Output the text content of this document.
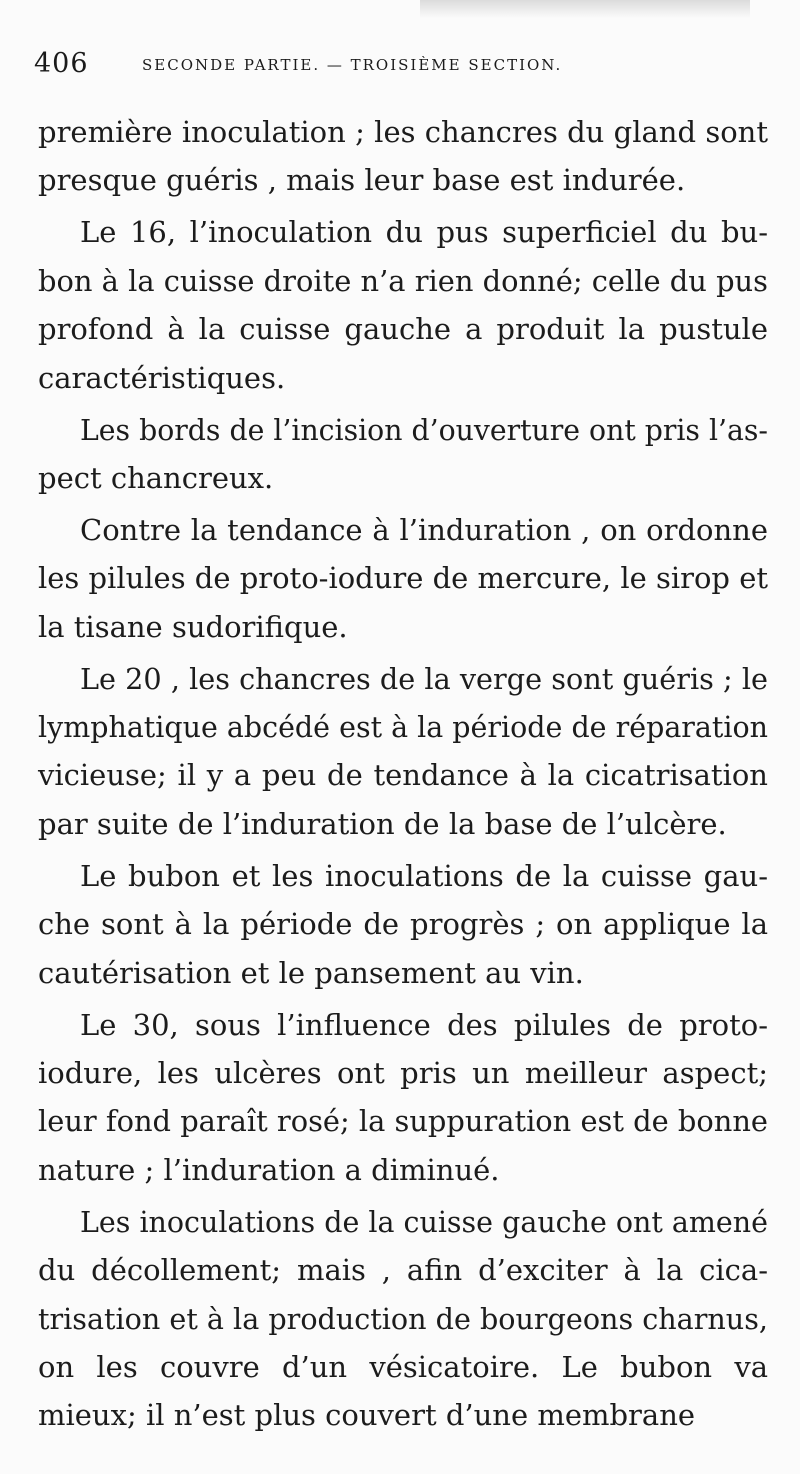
406	SECONDE PARTIE. — TROISIÈME SECTION.
première inoculation ; les chancres du gland sont
presque guéris , mais leur base est indurée.
Le 16, l’inoculation du pus superficiel du bu-
bon à la cuisse droite n’a rien donné; celle du pus
profond à la cuisse gauche a produit la pustule
caractéristiques.
Les bords de l’incision d’ouverture ont pris l’as-
pect chancreux.
Contre la tendance à l’induration , on ordonne
les pilules de proto-iodure de mercure, le sirop et
la tisane sudorifique.
Le 20 , les chancres de la verge sont guéris ; le
lymphatique abcédé est à la période de réparation
vicieuse; il y a peu de tendance à la cicatrisation
par suite de l’induration de la base de l’ulcère.
Le bubon et les inoculations de la cuisse gau-
che sont à la période de progrès ; on applique la
cautérisation et le pansement au vin.
Le 30, sous l’influence des pilules de proto-
iodure, les ulcères ont pris un meilleur aspect;
leur fond paraît rosé; la suppuration est de bonne
nature ; l’induration a diminué.
Les inoculations de la cuisse gauche ont amené
du décollement; mais , afin d’exciter à la cica-
trisation et à la production de bourgeons charnus,
on les couvre d’un vésicatoire. Le bubon va
mieux; il n’est plus couvert d’une membrane
